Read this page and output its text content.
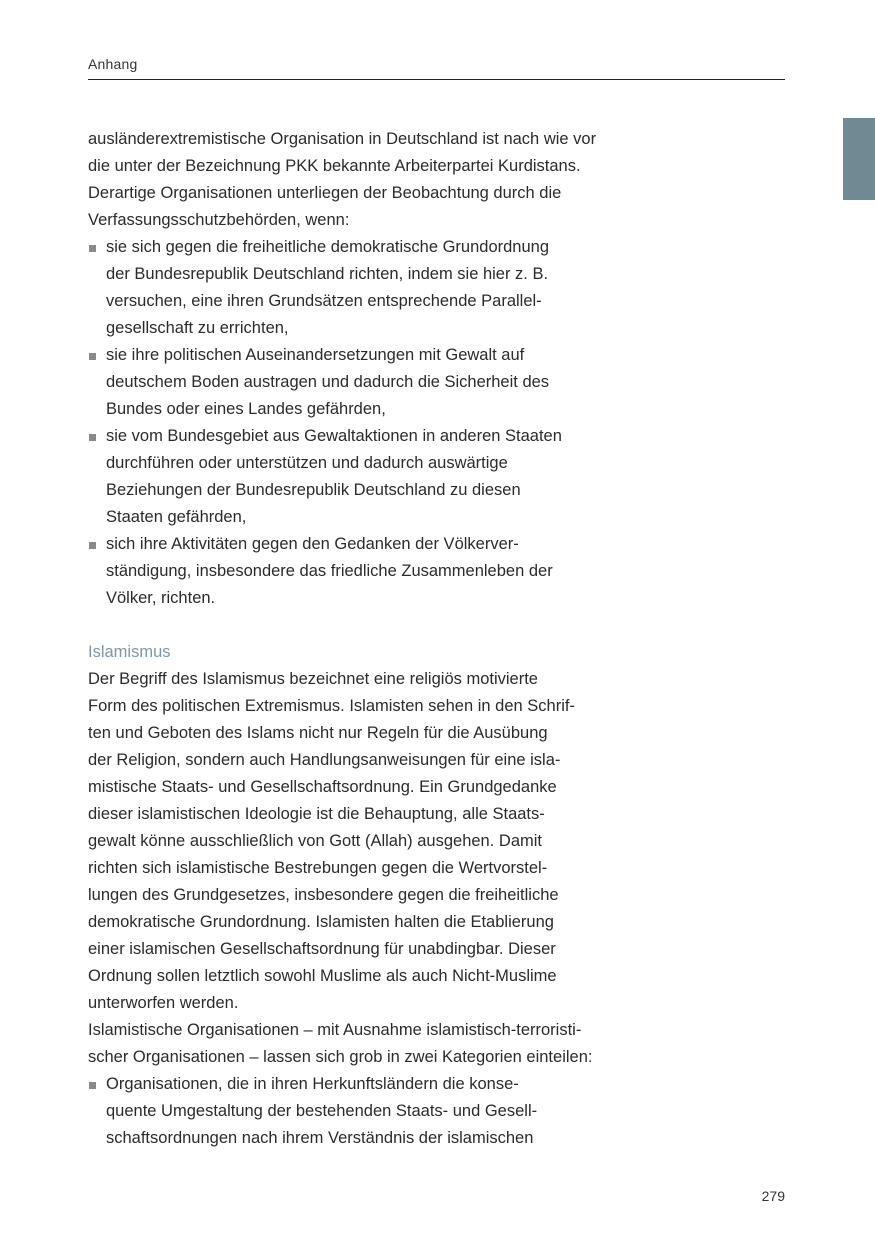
Anhang

ausländerextremistische Organisation in Deutschland ist nach wie vor
die unter der Bezeichnung PKK bekannte Arbeiterpartei Kurdistans.
Derartige Organisationen unterliegen der Beobachtung durch die
Verfassungsschutzbehörden, wenn:

sie sich gegen die freiheitliche demokratische Grundordnung
der Bundesrepublik Deutschland richten, indem sie hier z. B.
versuchen, eine ihren Grundsätzen entsprechende Parallel-
gesellschaft zu errichten,
sie ihre politischen Auseinandersetzungen mit Gewalt auf
deutschem Boden austragen und dadurch die Sicherheit des
Bundes oder eines Landes gefährden,
sie vom Bundesgebiet aus Gewaltaktionen in anderen Staaten
durchführen oder unterstützen und dadurch auswärtige
Beziehungen der Bundesrepublik Deutschland zu diesen
Staaten gefährden,
sich ihre Aktivitäten gegen den Gedanken der Völkerver-
ständigung, insbesondere das friedliche Zusammenleben der
Völker, richten.
Islamismus

Der Begriff des Islamismus bezeichnet eine religiös motivierte
Form des politischen Extremismus. Islamisten sehen in den Schrif-
ten und Geboten des Islams nicht nur Regeln für die Ausübung
der Religion, sondern auch Handlungsanweisungen für eine isla-
mistische Staats- und Gesellschaftsordnung. Ein Grundgedanke
dieser islamistischen Ideologie ist die Behauptung, alle Staats-
gewalt könne ausschließlich von Gott (Allah) ausgehen. Damit
richten sich islamistische Bestrebungen gegen die Wertvorstel-
lungen des Grundgesetzes, insbesondere gegen die freiheitliche
demokratische Grundordnung. Islamisten halten die Etablierung
einer islamischen Gesellschaftsordnung für unabdingbar. Dieser
Ordnung sollen letztlich sowohl Muslime als auch Nicht-Muslime
unterworfen werden.

Islamistische Organisationen – mit Ausnahme islamistisch-terroristi-
scher Organisationen – lassen sich grob in zwei Kategorien einteilen:

Organisationen, die in ihren Herkunftsländern die konse-
quente Umgestaltung der bestehenden Staats- und Gesell-
schaftsordnungen nach ihrem Verständnis der islamischen
279
